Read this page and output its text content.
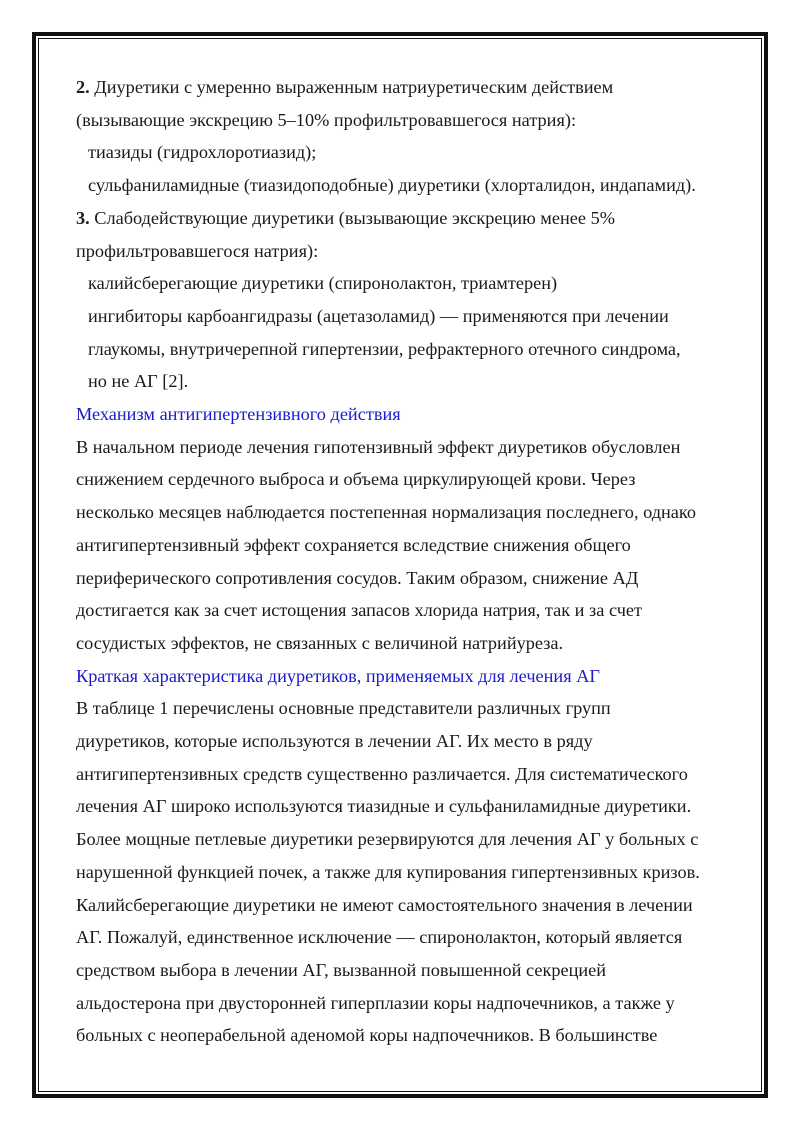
2. Диуретики с умеренно выраженным натриуретическим действием

(вызывающие экскрецию 5–10% профильтровавшегося натрия):

тиазиды (гидрохлоротиазид);

сульфаниламидные (тиазидоподобные) диуретики (хлорталидон, индапамид).

3. Слабодействующие диуретики (вызывающие экскрецию менее 5%

профильтровавшегося натрия):

калийсберегающие диуретики (спиронолактон, триамтерен)

ингибиторы карбоангидразы (ацетазоламид) — применяются при лечении

глаукомы, внутричерепной гипертензии, рефрактерного отечного синдрома,

но не АГ [2].

Механизм антигипертензивного действия

В начальном периоде лечения гипотензивный эффект диуретиков обусловлен

снижением сердечного выброса и объема циркулирующей крови. Через

несколько месяцев наблюдается постепенная нормализация последнего, однако

антигипертензивный эффект сохраняется вследствие снижения общего

периферического сопротивления сосудов. Таким образом, снижение АД

достигается как за счет истощения запасов хлорида натрия, так и за счет

сосудистых эффектов, не связанных с величиной натрийуреза.

Краткая характеристика диуретиков, применяемых для лечения АГ

В таблице 1 перечислены основные представители различных групп

диуретиков, которые используются в лечении АГ. Их место в ряду

антигипертензивных средств существенно различается. Для систематического

лечения АГ широко используются тиазидные и сульфаниламидные диуретики.

Более мощные петлевые диуретики резервируются для лечения АГ у больных с

нарушенной функцией почек, а также для купирования гипертензивных кризов.

Калийсберегающие диуретики не имеют самостоятельного значения в лечении

АГ. Пожалуй, единственное исключение — спиронолактон, который является

средством выбора в лечении АГ, вызванной повышенной секрецией

альдостерона при двусторонней гиперплазии коры надпочечников, а также у

больных с неоперабельной аденомой коры надпочечников. В большинстве
